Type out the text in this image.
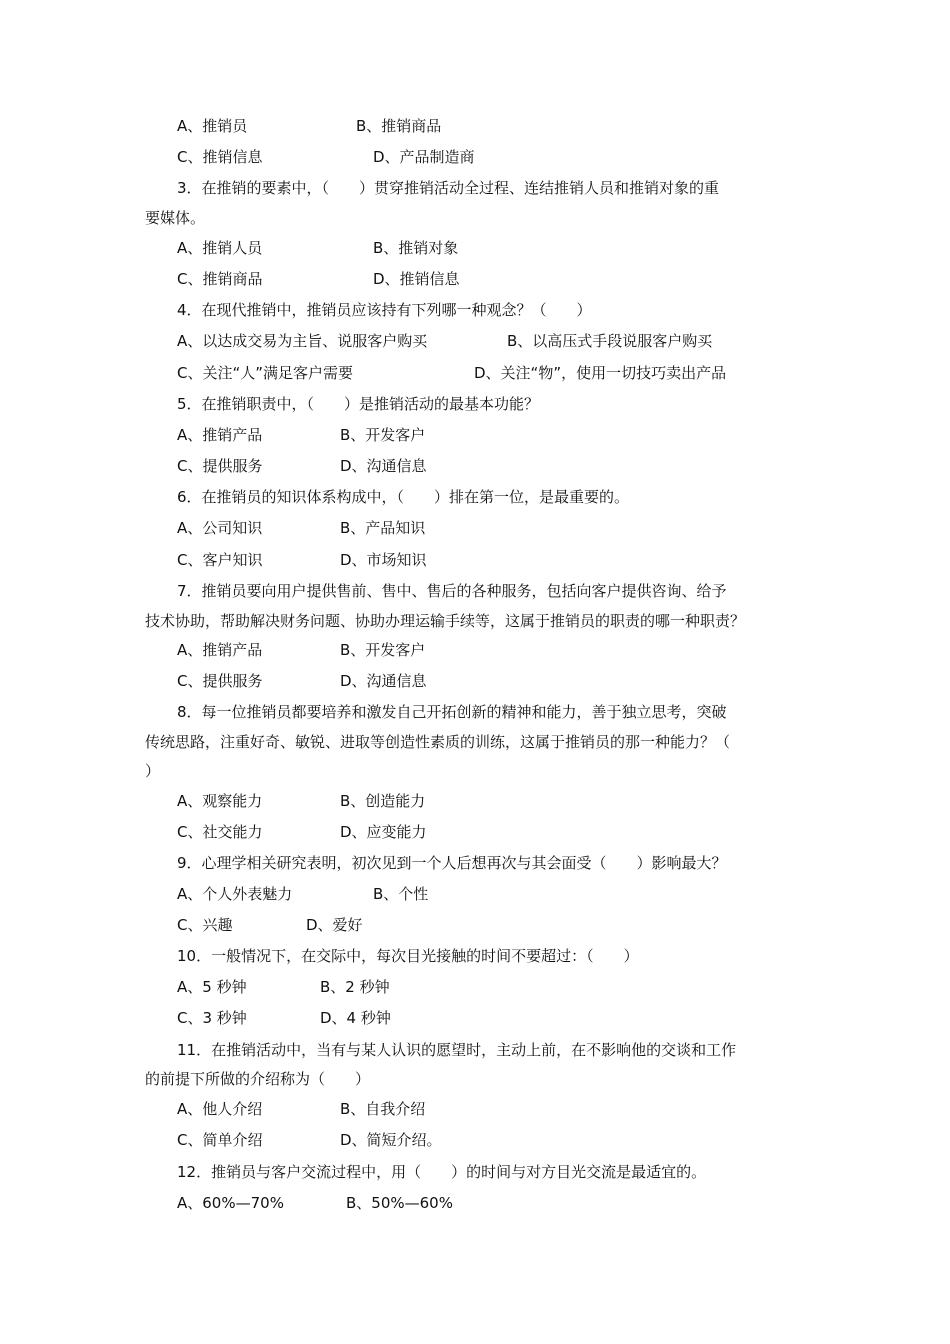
A、推销员	B、推销商品
C、推销信息	D、产品制造商
3．在推销的要素中，（　　）贯穿推销活动全过程、连结推销人员和推销对象的重
要媒体。
A、推销人员	B、推销对象
C、推销商品	D、推销信息
4．在现代推销中，推销员应该持有下列哪一种观念？（　　）
A、以达成交易为主旨、说服客户购买	B、以高压式手段说服客户购买
C、关注“人”满足客户需要	D、关注“物”，使用一切技巧卖出产品
5．在推销职责中，（　　）是推销活动的最基本功能？
A、推销产品	B、开发客户
C、提供服务	D、沟通信息
6．在推销员的知识体系构成中，（　　）排在第一位，是最重要的。
A、公司知识	B、产品知识
C、客户知识	D、市场知识
7．推销员要向用户提供售前、售中、售后的各种服务，包括向客户提供咨询、给予
技术协助，帮助解决财务问题、协助办理运输手续等，这属于推销员的职责的哪一种职责？
A、推销产品	B、开发客户
C、提供服务	D、沟通信息
8．每一位推销员都要培养和激发自己开拓创新的精神和能力，善于独立思考，突破
传统思路，注重好奇、敏锐、进取等创造性素质的训练，这属于推销员的那一种能力？（
）
A、观察能力	B、创造能力
C、社交能力	D、应变能力
9．心理学相关研究表明，初次见到一个人后想再次与其会面受（　　）影响最大？
A、个人外表魅力	B、个性
C、兴趣	D、爱好
10．一般情况下，在交际中，每次目光接触的时间不要超过：（　　）
A、5 秒钟	B、2 秒钟
C、3 秒钟	D、4 秒钟
11．在推销活动中，当有与某人认识的愿望时，主动上前，在不影响他的交谈和工作
的前提下所做的介绍称为（　　）
A、他人介绍	B、自我介绍
C、简单介绍	D、简短介绍。
12．推销员与客户交流过程中，用（　　）的时间与对方目光交流是最适宜的。
A、60%—70%	B、50%—60%
